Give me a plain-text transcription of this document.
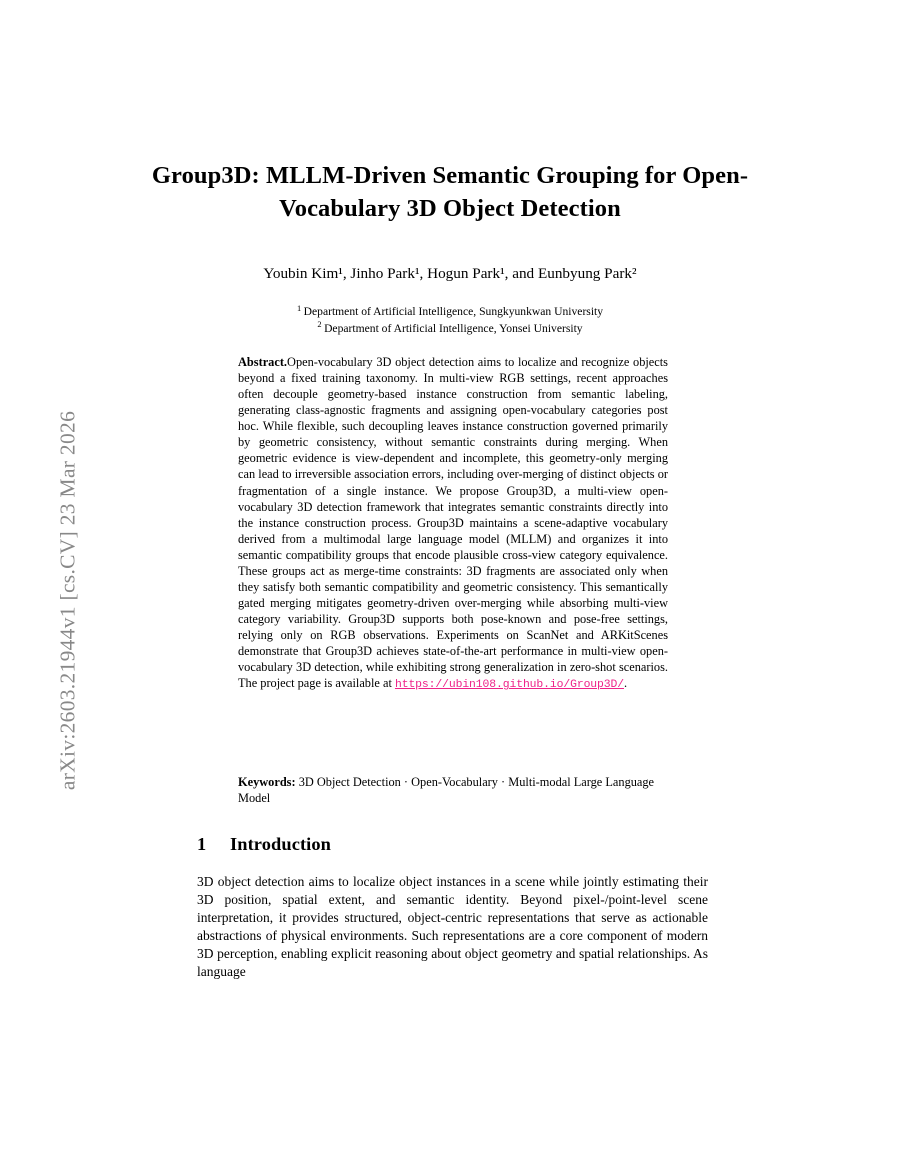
arXiv:2603.21944v1 [cs.CV] 23 Mar 2026
Group3D: MLLM-Driven Semantic Grouping for Open-Vocabulary 3D Object Detection
Youbin Kim¹, Jinho Park¹, Hogun Park¹, and Eunbyung Park²
$^1$ Department of Artificial Intelligence, Sungkyunkwan University
$^2$ Department of Artificial Intelligence, Yonsei University
Abstract.Open-vocabulary 3D object detection aims to localize and recognize objects beyond a fixed training taxonomy. In multi-view RGB settings, recent approaches often decouple geometry-based instance construction from semantic labeling, generating class-agnostic fragments and assigning open-vocabulary categories post hoc. While flexible, such decoupling leaves instance construction governed primarily by geometric consistency, without semantic constraints during merging. When geometric evidence is view-dependent and incomplete, this geometry-only merging can lead to irreversible association errors, including over-merging of distinct objects or fragmentation of a single instance. We propose Group3D, a multi-view open-vocabulary 3D detection framework that integrates semantic constraints directly into the instance construction process. Group3D maintains a scene-adaptive vocabulary derived from a multimodal large language model (MLLM) and organizes it into semantic compatibility groups that encode plausible cross-view category equivalence. These groups act as merge-time constraints: 3D fragments are associated only when they satisfy both semantic compatibility and geometric consistency. This semantically gated merging mitigates geometry-driven over-merging while absorbing multi-view category variability. Group3D supports both pose-known and pose-free settings, relying only on RGB observations. Experiments on ScanNet and ARKitScenes demonstrate that Group3D achieves state-of-the-art performance in multi-view open-vocabulary 3D detection, while exhibiting strong generalization in zero-shot scenarios. The project page is available at https://ubin108.github.io/Group3D/.
Keywords: 3D Object Detection · Open-Vocabulary · Multi-modal Large Language Model
1 Introduction
3D object detection aims to localize object instances in a scene while jointly estimating their 3D position, spatial extent, and semantic identity. Beyond pixel-/point-level scene interpretation, it provides structured, object-centric representations that serve as actionable abstractions of physical environments. Such representations are a core component of modern 3D perception, enabling explicit reasoning about object geometry and spatial relationships. As language
